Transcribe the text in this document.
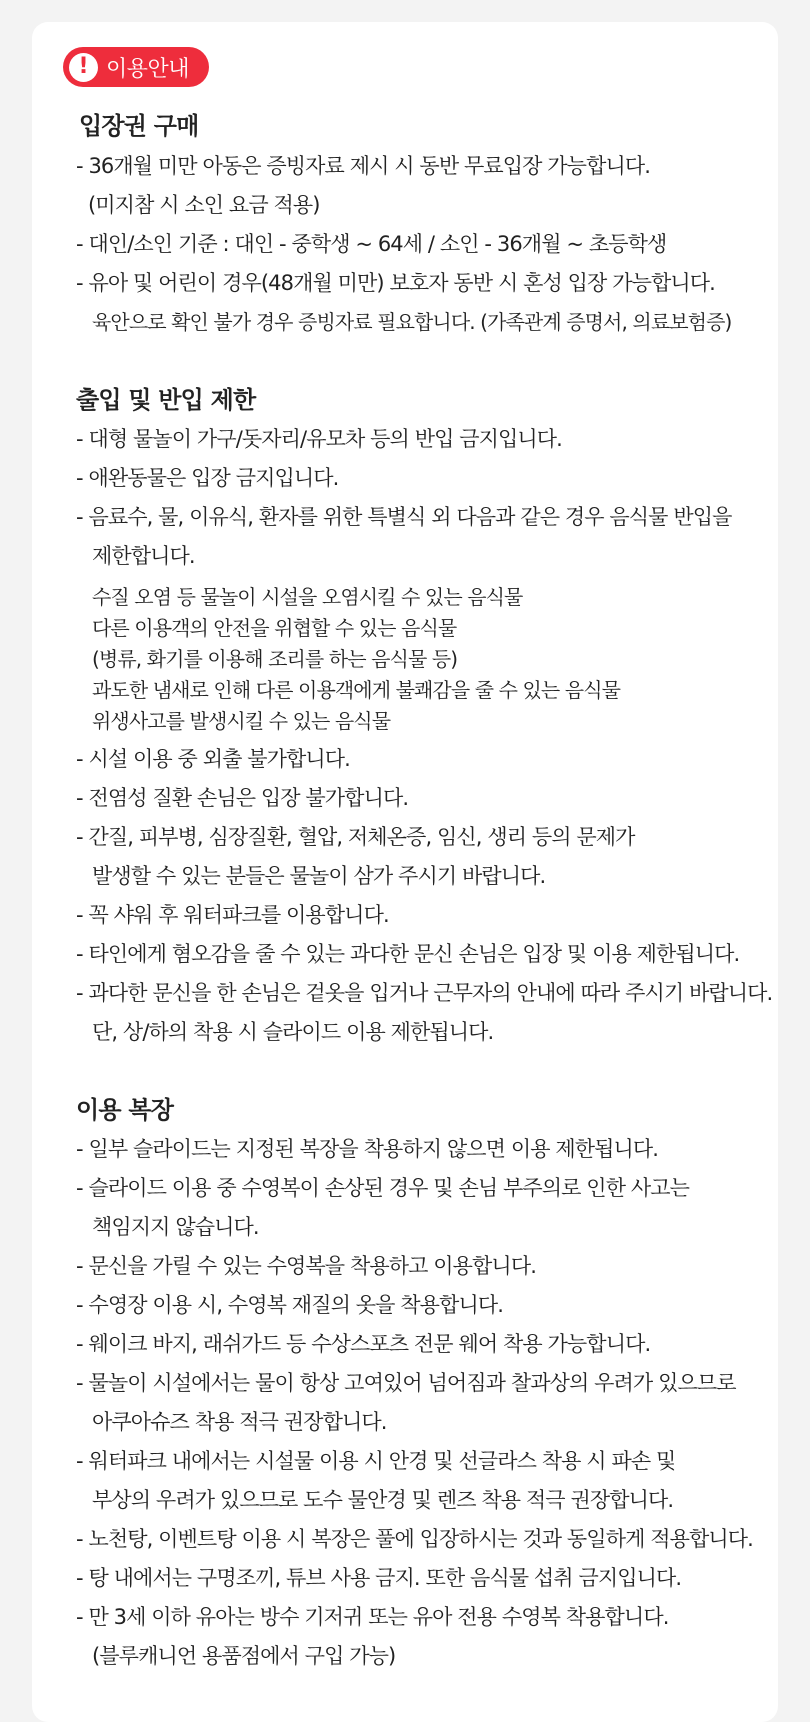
! 이용안내
입장권 구매
- 36개월 미만 아동은 증빙자료 제시 시 동반 무료입장 가능합니다.
(미지참 시 소인 요금 적용)
- 대인/소인 기준 : 대인 - 중학생 ~ 64세 / 소인 - 36개월 ~ 초등학생
- 유아 및 어린이 경우(48개월 미만) 보호자 동반 시 혼성 입장 가능합니다.
육안으로 확인 불가 경우 증빙자료 필요합니다. (가족관계 증명서, 의료보험증)
출입 및 반입 제한
- 대형 물놀이 가구/돗자리/유모차 등의 반입 금지입니다.
- 애완동물은 입장 금지입니다.
- 음료수, 물, 이유식, 환자를 위한 특별식 외 다음과 같은 경우 음식물 반입을
제한합니다.
수질 오염 등 물놀이 시설을 오염시킬 수 있는 음식물
다른 이용객의 안전을 위협할 수 있는 음식물
(병류, 화기를 이용해 조리를 하는 음식물 등)
과도한 냄새로 인해 다른 이용객에게 불쾌감을 줄 수 있는 음식물
위생사고를 발생시킬 수 있는 음식물
- 시설 이용 중 외출 불가합니다.
- 전염성 질환 손님은 입장 불가합니다.
- 간질, 피부병, 심장질환, 혈압, 저체온증, 임신, 생리 등의 문제가
발생할 수 있는 분들은 물놀이 삼가 주시기 바랍니다.
- 꼭 샤워 후 워터파크를 이용합니다.
- 타인에게 혐오감을 줄 수 있는 과다한 문신 손님은 입장 및 이용 제한됩니다.
- 과다한 문신을 한 손님은 겉옷을 입거나 근무자의 안내에 따라 주시기 바랍니다.
단, 상/하의 착용 시 슬라이드 이용 제한됩니다.
이용 복장
- 일부 슬라이드는 지정된 복장을 착용하지 않으면 이용 제한됩니다.
- 슬라이드 이용 중 수영복이 손상된 경우 및 손님 부주의로 인한 사고는
책임지지 않습니다.
- 문신을 가릴 수 있는 수영복을 착용하고 이용합니다.
- 수영장 이용 시, 수영복 재질의 옷을 착용합니다.
- 웨이크 바지, 래쉬가드 등 수상스포츠 전문 웨어 착용 가능합니다.
- 물놀이 시설에서는 물이 항상 고여있어 넘어짐과 찰과상의 우려가 있으므로
아쿠아슈즈 착용 적극 권장합니다.
- 워터파크 내에서는 시설물 이용 시 안경 및 선글라스 착용 시 파손 및
부상의 우려가 있으므로 도수 물안경 및 렌즈 착용 적극 권장합니다.
- 노천탕, 이벤트탕 이용 시 복장은 풀에 입장하시는 것과 동일하게 적용합니다.
- 탕 내에서는 구명조끼, 튜브 사용 금지. 또한 음식물 섭취 금지입니다.
- 만 3세 이하 유아는 방수 기저귀 또는 유아 전용 수영복 착용합니다.
(블루캐니언 용품점에서 구입 가능)
